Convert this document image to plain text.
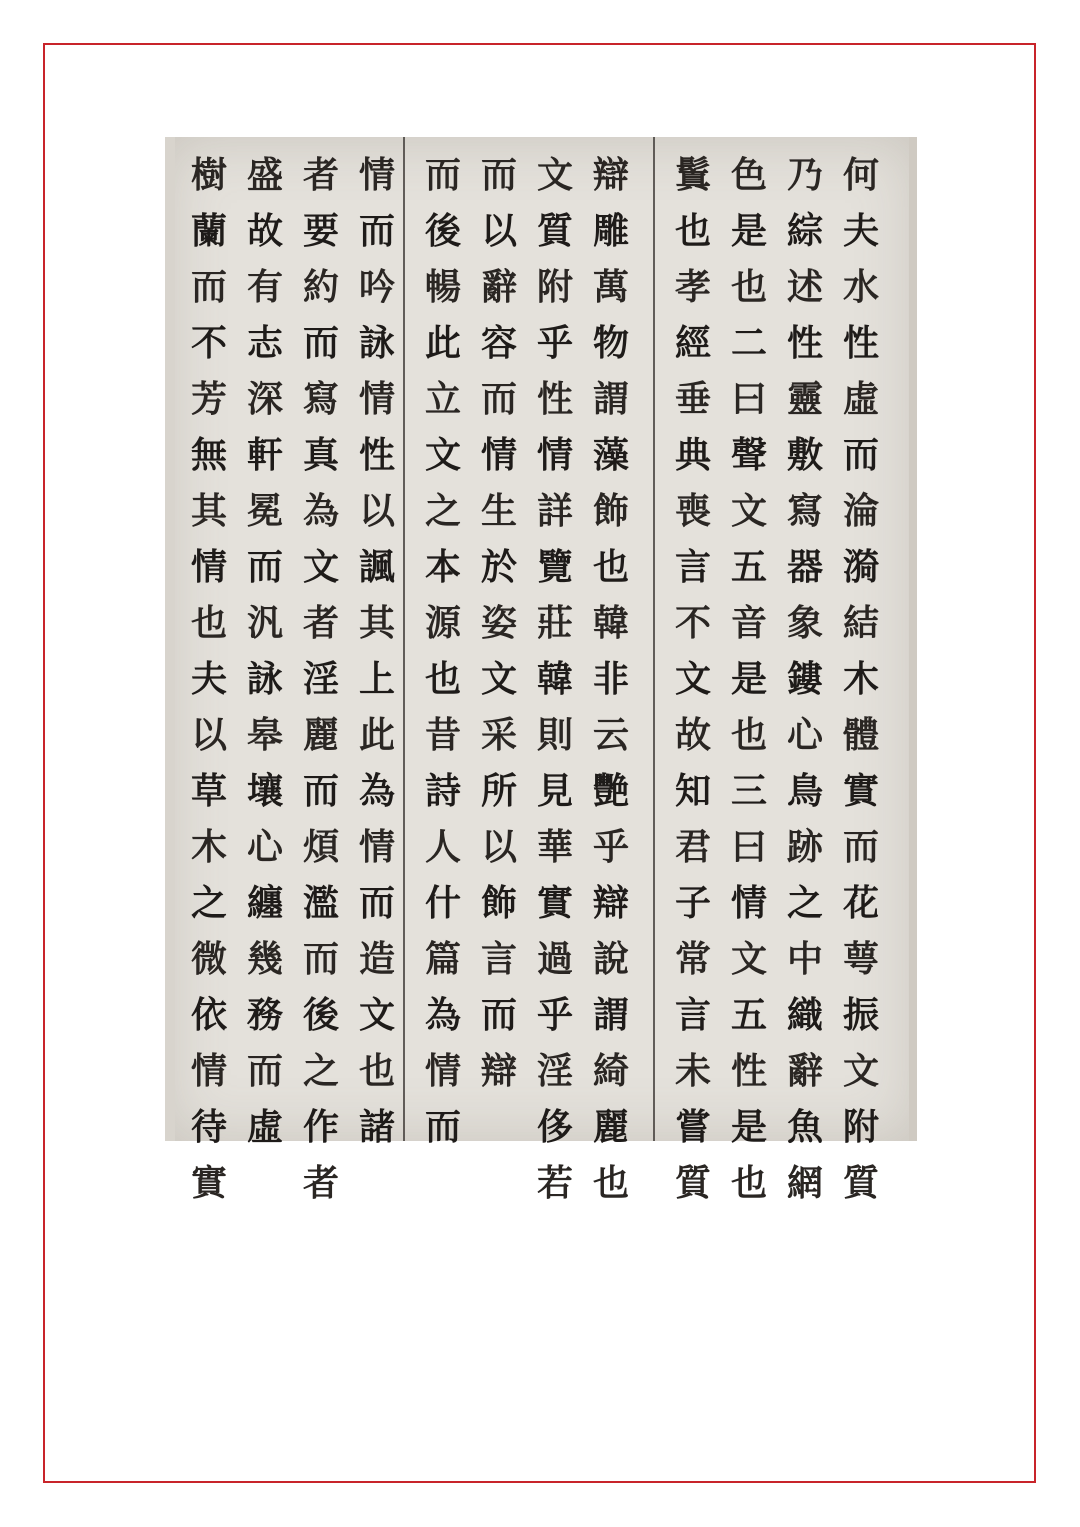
何
夫
水
性
虛
而
淪
漪
結
木
體
實
而
花
萼
振
文
附
質
乃
綜
述
性
靈
敷
寫
器
象
鏤
心
鳥
跡
之
中
織
辭
魚
網
色
是
也
二
曰
聲
文
五
音
是
也
三
曰
情
文
五
性
是
也
鬒
也
孝
經
垂
典
喪
言
不
文
故
知
君
子
常
言
未
嘗
質
辯
雕
萬
物
謂
藻
飾
也
韓
非
云
艷
乎
辯
說
謂
綺
麗
也
文
質
附
乎
性
情
詳
覽
莊
韓
則
見
華
實
過
乎
淫
侈
若
而
以
辭
容
而
情
生
於
姿
文
采
所
以
飾
言
而
辯
而
後
暢
此
立
文
之
本
源
也
昔
詩
人
什
篇
為
情
而
情
而
吟
詠
情
性
以
諷
其
上
此
為
情
而
造
文
也
諸
者
要
約
而
寫
真
為
文
者
淫
麗
而
煩
濫
而
後
之
作
者
盛
故
有
志
深
軒
冕
而
汎
詠
皋
壤
心
纏
幾
務
而
虛
樹
蘭
而
不
芳
無
其
情
也
夫
以
草
木
之
微
依
情
待
實
